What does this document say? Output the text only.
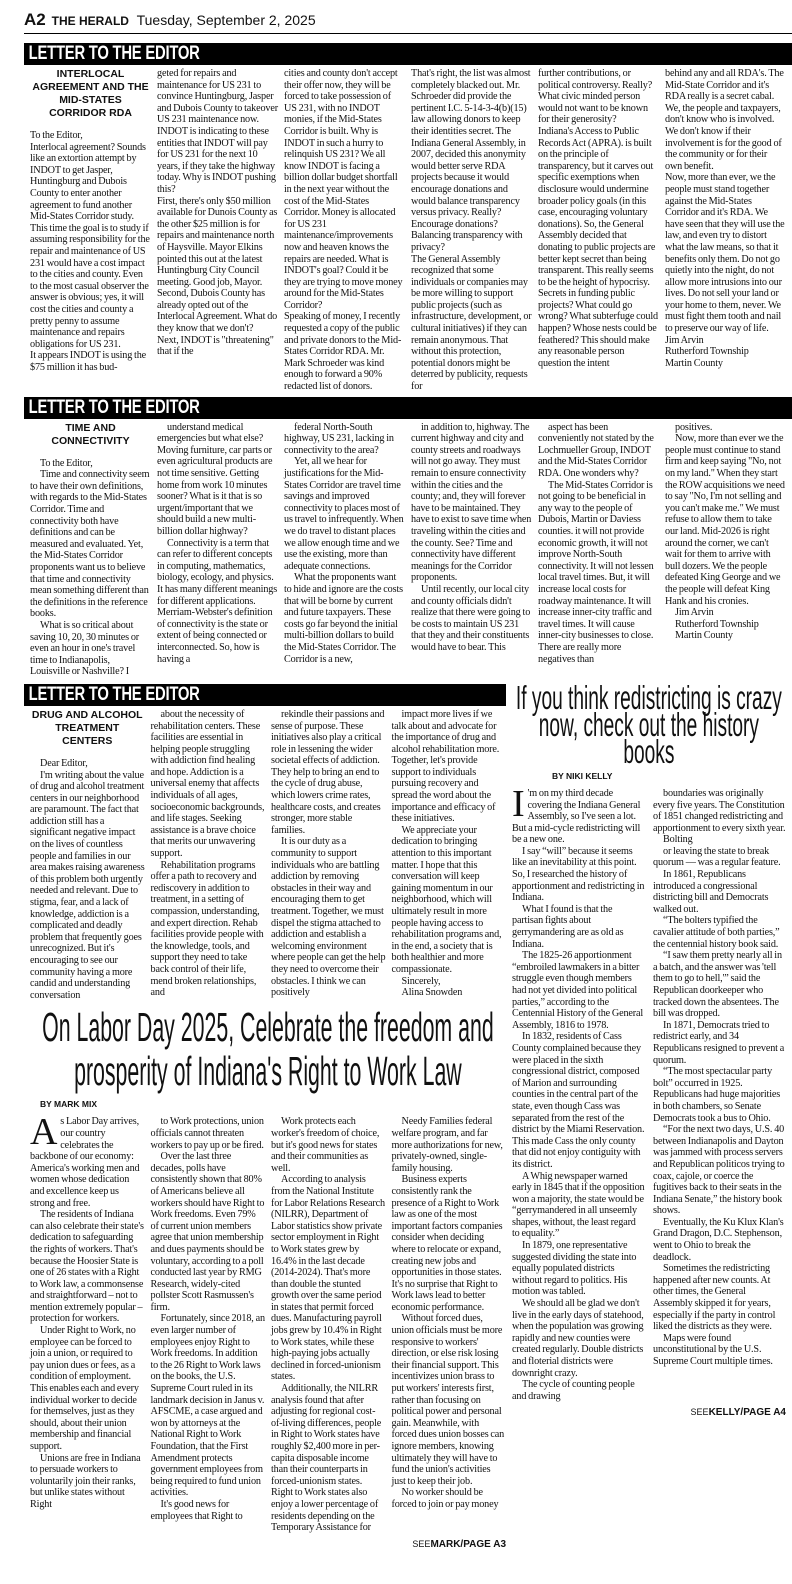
A2 THE HERALD Tuesday, September 2, 2025
LETTER TO THE EDITOR
INTERLOCAL AGREEMENT AND THE MID-STATES CORRIDOR RDA

To the Editor,

Interlocal agreement? Sounds like an extortion attempt by INDOT to get Jasper, Huntingburg and Dubois County to enter another agreement to fund another Mid-States Corridor study. This time the goal is to study if assuming responsibility for the repair and maintenance of US 231 would have a cost impact to the cities and county. Even to the most casual observer the answer is obvious; yes, it will cost the cities and county a pretty penny to assume maintenance and repairs obligations for US 231.

It appears INDOT is using the $75 million it has bud-

geted for repairs and maintenance for US 231 to convince Huntingburg, Jasper and Dubois County to takeover US 231 maintenance now. INDOT is indicating to these entities that INDOT will pay for US 231 for the next 10 years, if they take the highway today. Why is INDOT pushing this?

First, there's only $50 million available for Dunois County as the other $25 million is for repairs and maintenance north of Haysville. Mayor Elkins pointed this out at the latest Huntingburg City Council meeting. Good job, Mayor.

Second, Dubois County has already opted out of the Interlocal Agreement. What do they know that we don't?

Next, INDOT is "threatening" that if the

cities and county don't accept their offer now, they will be forced to take possession of US 231, with no INDOT monies, if the Mid-States Corridor is built. Why is INDOT in such a hurry to relinquish US 231? We all know INDOT is facing a billion dollar budget shortfall in the next year without the cost of the Mid-States Corridor. Money is allocated for US 231 maintenance/improvements now and heaven knows the repairs are needed. What is INDOT's goal? Could it be they are trying to move money around for the Mid-States Corridor?

Speaking of money, I recently requested a copy of the public and private donors to the Mid-States Corridor RDA. Mr. Mark Schroeder was kind enough to forward a 90% redacted list of donors.

That's right, the list was almost completely blacked out. Mr. Schroeder did provide the pertinent I.C. 5-14-3-4(b)(15) law allowing donors to keep their identities secret. The Indiana General Assembly, in 2007, decided this anonymity would better serve RDA projects because it would encourage donations and would balance transparency versus privacy. Really? Encourage donations? Balancing transparency with privacy?

The General Assembly recognized that some individuals or companies may be more willing to support public projects (such as infrastructure, development, or cultural initiatives) if they can remain anonymous. That without this protection, potential donors might be deterred by publicity, requests for

further contributions, or political controversy. Really? What civic minded person would not want to be known for their generosity?

Indiana's Access to Public Records Act (APRA). is built on the principle of transparency, but it carves out specific exemptions when disclosure would undermine broader policy goals (in this case, encouraging voluntary donations). So, the General Assembly decided that donating to public projects are better kept secret than being transparent. This really seems to be the height of hypocrisy. Secrets in funding public projects? What could go wrong? What subterfuge could happen? Whose nests could be feathered? This should make any reasonable person question the intent

behind any and all RDA's. The Mid-State Corridor and it's RDA really is a secret cabal. We, the people and taxpayers, don't know who is involved. We don't know if their involvement is for the good of the community or for their own benefit.

Now, more than ever, we the people must stand together against the Mid-States Corridor and it's RDA. We have seen that they will use the law, and even try to distort what the law means, so that it benefits only them. Do not go quietly into the night, do not allow more intrusions into our lives. Do not sell your land or your home to them, never. We must fight them tooth and nail to preserve our way of life.

Jim Arvin

Rutherford Township

Martin County

LETTER TO THE EDITOR
TIME AND CONNECTIVITY

To the Editor,

Time and connectivity seem to have their own definitions, with regards to the Mid-States Corridor. Time and connectivity both have definitions and can be measured and evaluated. Yet, the Mid-States Corridor proponents want us to believe that time and connectivity mean something different than the definitions in the reference books.

What is so critical about saving 10, 20, 30 minutes or even an hour in one's travel time to Indianapolis, Louisville or Nashville? I

understand medical emergencies but what else? Moving furniture, car parts or even agricultural products are not time sensitive. Getting home from work 10 minutes sooner? What is it that is so urgent/important that we should build a new multi-billion dollar highway?

Connectivity is a term that can refer to different concepts in computing, mathematics, biology, ecology, and physics. It has many different meanings for different applications. Merriam-Webster's definition of connectivity is the state or extent of being connected or interconnected. So, how is having a

federal North-South highway, US 231, lacking in connectivity to the area?

Yet, all we hear for justifications for the Mid-States Corridor are travel time savings and improved connectivity to places most of us travel to infrequently. When we do travel to distant places we allow enough time and we use the existing, more than adequate connections.

What the proponents want to hide and ignore are the costs that will be borne by current and future taxpayers. These costs go far beyond the initial multi-billion dollars to build the Mid-States Corridor. The Corridor is a new,

in addition to, highway. The current highway and city and county streets and roadways will not go away. They must remain to ensure connectivity within the cities and the county; and, they will forever have to be maintained. They have to exist to save time when traveling within the cities and the county. See? Time and connectivity have different meanings for the Corridor proponents.

Until recently, our local city and county officials didn't realize that there were going to be costs to maintain US 231 that they and their constituents would have to bear. This

aspect has been conveniently not stated by the Lochmueller Group, INDOT and the Mid-States Corridor RDA. One wonders why?

The Mid-States Corridor is not going to be beneficial in any way to the people of Dubois, Martin or Daviess counties. it will not provide economic growth, it will not improve North-South connectivity. It will not lessen local travel times. But, it will increase local costs for roadway maintenance. It will increase inner-city traffic and travel times. It will cause inner-city businesses to close. There are really more negatives than

positives.

Now, more than ever we the people must continue to stand firm and keep saying "No, not on my land." When they start the ROW acquisitions we need to say "No, I'm not selling and you can't make me." We must refuse to allow them to take our land. Mid-2026 is right around the corner, we can't wait for them to arrive with bull dozers. We the people defeated King George and we the people will defeat King Hank and his cronies.

Jim Arvin

Rutherford Township

Martin County

LETTER TO THE EDITOR
DRUG AND ALCOHOL TREATMENT CENTERS

Dear Editor,

I'm writing about the value of drug and alcohol treatment centers in our neighborhood are paramount. The fact that addiction still has a significant negative impact on the lives of countless people and families in our area makes raising awareness of this problem both urgently needed and relevant. Due to stigma, fear, and a lack of knowledge, addiction is a complicated and deadly problem that frequently goes unrecognized. But it's encouraging to see our community having a more candid and understanding conversation

about the necessity of rehabilitation centers. These facilities are essential in helping people struggling with addiction find healing and hope. Addiction is a universal enemy that affects individuals of all ages, socioeconomic backgrounds, and life stages. Seeking assistance is a brave choice that merits our unwavering support.

Rehabilitation programs offer a path to recovery and rediscovery in addition to treatment, in a setting of compassion, understanding, and expert direction. Rehab facilities provide people with the knowledge, tools, and support they need to take back control of their life, mend broken relationships, and

rekindle their passions and sense of purpose. These initiatives also play a critical role in lessening the wider societal effects of addiction. They help to bring an end to the cycle of drug abuse, which lowers crime rates, healthcare costs, and creates stronger, more stable families.

It is our duty as a community to support individuals who are battling addiction by removing obstacles in their way and encouraging them to get treatment. Together, we must dispel the stigma attached to addiction and establish a welcoming environment where people can get the help they need to overcome their obstacles. I think we can positively

impact more lives if we talk about and advocate for the importance of drug and alcohol rehabilitation more. Together, let's provide support to individuals pursuing recovery and spread the word about the importance and efficacy of these initiatives.

We appreciate your dedication to bringing attention to this important matter. I hope that this conversation will keep gaining momentum in our neighborhood, which will ultimately result in more people having access to rehabilitation programs and, in the end, a society that is both healthier and more compassionate.

Sincerely,

Alina Snowden

On Labor Day 2025, Celebrate the freedom and prosperity of Indiana's Right to Work Law
BY MARK MIX

As Labor Day arrives, our country celebrates the backbone of our economy: America's working men and women whose dedication and excellence keep us strong and free.

The residents of Indiana can also celebrate their state's dedication to safeguarding the rights of workers. That's because the Hoosier State is one of 26 states with a Right to Work law, a commonsense and straightforward – not to mention extremely popular – protection for workers.

Under Right to Work, no employee can be forced to join a union, or required to pay union dues or fees, as a condition of employment. This enables each and every individual worker to decide for themselves, just as they should, about their union membership and financial support.

Unions are free in Indiana to persuade workers to voluntarily join their ranks, but unlike states without Right

to Work protections, union officials cannot threaten workers to pay up or be fired.

Over the last three decades, polls have consistently shown that 80% of Americans believe all workers should have Right to Work freedoms. Even 79% of current union members agree that union membership and dues payments should be voluntary, according to a poll conducted last year by RMG Research, widely-cited pollster Scott Rasmussen's firm.

Fortunately, since 2018, an even larger number of employees enjoy Right to Work freedoms. In addition to the 26 Right to Work laws on the books, the U.S. Supreme Court ruled in its landmark decision in Janus v. AFSCME, a case argued and won by attorneys at the National Right to Work Foundation, that the First Amendment protects government employees from being required to fund union activities.

It's good news for employees that Right to

Work protects each worker's freedom of choice, but it's good news for states and their communities as well.

According to analysis from the National Institute for Labor Relations Research (NILRR), Department of Labor statistics show private sector employment in Right to Work states grew by 16.4% in the last decade (2014-2024). That's more than double the stunted growth over the same period in states that permit forced dues. Manufacturing payroll jobs grew by 10.4% in Right to Work states, while these high-paying jobs actually declined in forced-unionism states.

Additionally, the NILRR analysis found that after adjusting for regional cost-of-living differences, people in Right to Work states have roughly $2,400 more in per-capita disposable income than their counterparts in forced-unionism states. Right to Work states also enjoy a lower percentage of residents depending on the Temporary Assistance for

Needy Families federal welfare program, and far more authorizations for new, privately-owned, single-family housing.

Business experts consistently rank the presence of a Right to Work law as one of the most important factors companies consider when deciding where to relocate or expand, creating new jobs and opportunities in those states. It's no surprise that Right to Work laws lead to better economic performance.

Without forced dues, union officials must be more responsive to workers' direction, or else risk losing their financial support. This incentivizes union brass to put workers' interests first, rather than focusing on political power and personal gain. Meanwhile, with forced dues union bosses can ignore members, knowing ultimately they will have to fund the union's activities just to keep their job.

No worker should be forced to join or pay money

SEEMARK/PAGE A3
If you think redistricting is crazy now, check out the history books
BY NIKI KELLY

I 'm on my third decade covering the Indiana General Assembly, so I've seen a lot. But a mid-cycle redistricting will be a new one.

I say “will” because it seems like an inevitability at this point. So, I researched the history of apportionment and redistricting in Indiana.

What I found is that the partisan fights about gerrymandering are as old as Indiana.

The 1825-26 apportionment “embroiled lawmakers in a bitter struggle even though members had not yet divided into political parties,” according to the Centennial History of the General Assembly, 1816 to 1978.

In 1832, residents of Cass County complained because they were placed in the sixth congressional district, composed of Marion and surrounding counties in the central part of the state, even though Cass was separated from the rest of the district by the Miami Reservation. This made Cass the only county that did not enjoy contiguity with its district.

A Whig newspaper warned early in 1845 that if the opposition won a majority, the state would be “gerrymandered in all unseemly shapes, without, the least regard to equality.”

In 1879, one representative suggested dividing the state into equally populated districts without regard to politics. His motion was tabled.

We should all be glad we don't live in the early days of statehood, when the population was growing rapidly and new counties were created regularly. Double districts and floterial districts were downright crazy.

The cycle of counting people and drawing

boundaries was originally every five years. The Constitution of 1851 changed redistricting and apportionment to every sixth year.

Bolting

or leaving the state to break quorum — was a regular feature.

In 1861, Republicans introduced a congressional districting bill and Democrats walked out.

“The bolters typified the cavalier attitude of both parties,” the centennial history book said.

“I saw them pretty nearly all in a batch, and the answer was 'tell them to go to hell,'” said the Republican doorkeeper who tracked down the absentees. The bill was dropped.

In 1871, Democrats tried to redistrict early, and 34 Republicans resigned to prevent a quorum.

“The most spectacular party bolt” occurred in 1925. Republicans had huge majorities in both chambers, so Senate Democrats took a bus to Ohio.

“For the next two days, U.S. 40 between Indianapolis and Dayton was jammed with process servers and Republican politicos trying to coax, cajole, or coerce the fugitives back to their seats in the Indiana Senate,” the history book shows.

Eventually, the Ku Klux Klan's Grand Dragon, D.C. Stephenson, went to Ohio to break the deadlock.

Sometimes the redistricting happened after new counts. At other times, the General Assembly skipped it for years, especially if the party in control liked the districts as they were.

Maps were found unconstitutional by the U.S. Supreme Court multiple times.

SEEKELLY/PAGE A4
